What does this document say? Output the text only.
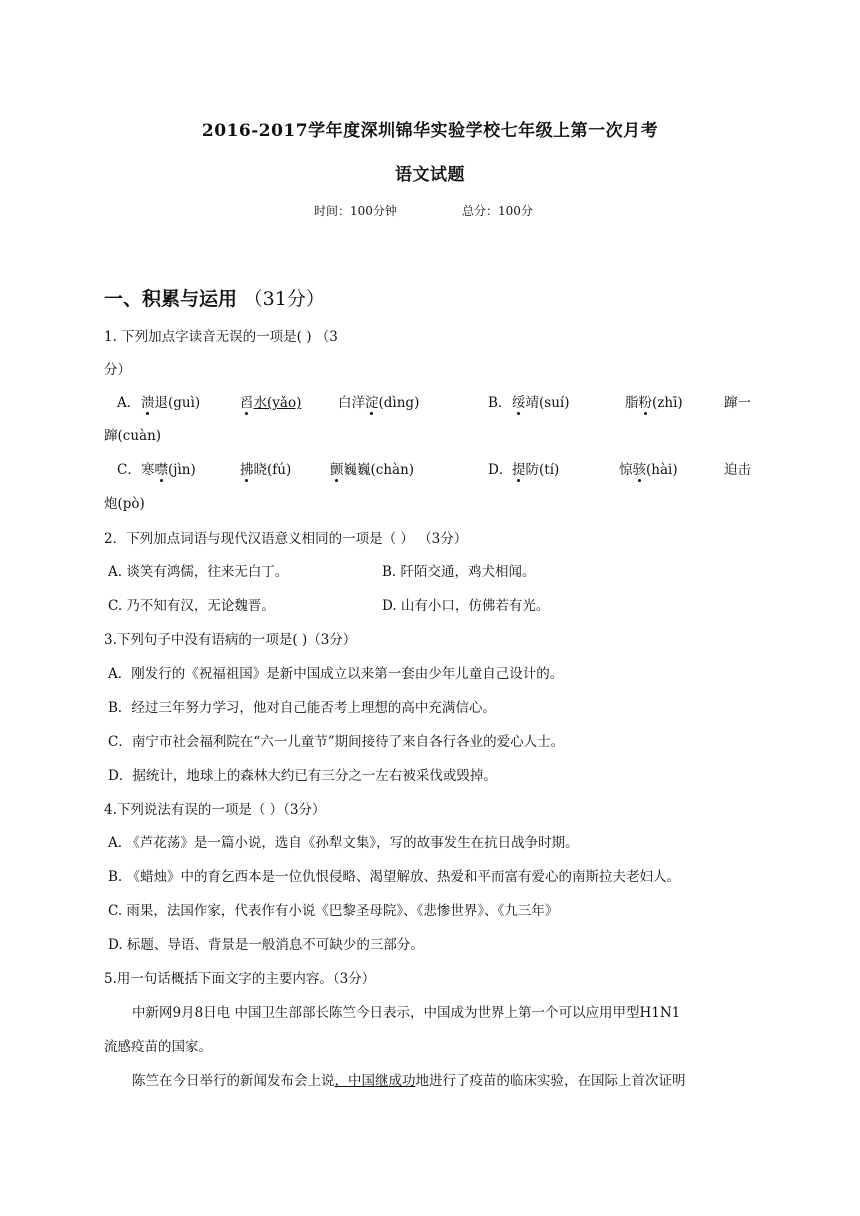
2016-2017学年度深圳锦华实验学校七年级上第一次月考
语文试题
时间：100分钟	总分：100分
一、积累与运用 （31分）
1. 下列加点字读音无误的一项是( ) （3
分）
A． 溃退(guì)	舀水(yǎo)	白洋淀(dìng)	B． 绥靖(suí)	脂粉(zhī)	蹿一
蹿(cuàn)
C． 寒噤(jìn)	拂晓(fú)	颤巍巍(chàn)	D． 提防(tí)	惊骇(hài)	迫击
炮(pò)
2．下列加点词语与现代汉语意义相同的一项是（ ） （3分）
A. 谈笑有鸿儒，往来无白丁。	B. 阡陌交通，鸡犬相闻。
C. 乃不知有汉，无论魏晋。	D. 山有小口，仿佛若有光。
3.下列句子中没有语病的一项是( )（3分）
A．刚发行的《祝福祖国》是新中国成立以来第一套由少年儿童自己设计的。
B．经过三年努力学习，他对自己能否考上理想的高中充满信心。
C．南宁市社会福利院在“六一儿童节”期间接待了来自各行各业的爱心人士。
D．据统计，地球上的森林大约已有三分之一左右被采伐或毁掉。
4.下列说法有误的一项是（ ）（3分）
A. 《芦花荡》是一篇小说，选自《孙犁文集》，写的故事发生在抗日战争时期。
B. 《蜡烛》中的育乞西本是一位仇恨侵略、渴望解放、热爱和平而富有爱心的南斯拉夫老妇人。
C. 雨果，法国作家，代表作有小说《巴黎圣母院》、《悲惨世界》、《九三年》
D. 标题、导语、背景是一般消息不可缺少的三部分。
5.用一句话概括下面文字的主要内容。（3分）
中新网9月8日电 中国卫生部部长陈竺今日表示，中国成为世界上第一个可以应用甲型H1N1
流感疫苗的国家。
陈竺在今日举行的新闻发布会上说，中国继成功地进行了疫苗的临床实验，在国际上首次证明
